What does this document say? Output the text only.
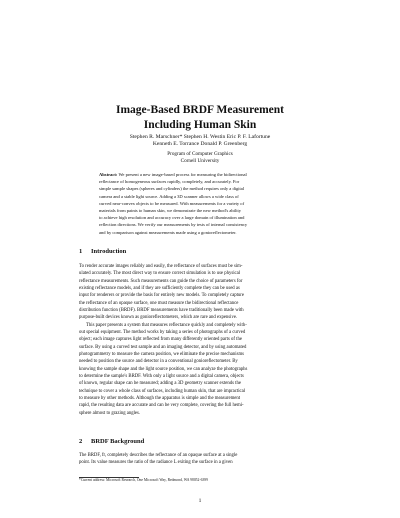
Image-Based BRDF Measurement
Including Human Skin
Stephen R. Marschner* Stephen H. Westin Eric P. F. Lafortune
Kenneth E. Torrance Donald P. Greenberg
Program of Computer Graphics
Cornell University
Abstract: We present a new image-based process for measuring the bidirectional
reflectance of homogeneous surfaces rapidly, completely, and accurately. For
simple sample shapes (spheres and cylinders) the method requires only a digital
camera and a stable light source. Adding a 3D scanner allows a wide class of
curved near-convex objects to be measured. With measurements for a variety of
materials from paints to human skin, we demonstrate the new method's ability
to achieve high resolution and accuracy over a large domain of illumination and
reflection directions. We verify our measurements by tests of internal consistency
and by comparison against measurements made using a gonioreflectometer.
1 Introduction
To render accurate images reliably and easily, the reflectance of surfaces must be sim-
ulated accurately. The most direct way to ensure correct simulation is to use physical
reflectance measurements. Such measurements can guide the choice of parameters for
existing reflectance models, and if they are sufficiently complete they can be used as
input for renderers or provide the basis for entirely new models. To completely capture
the reflectance of an opaque surface, one must measure the bidirectional reflectance
distribution function (BRDF). BRDF measurements have traditionally been made with
purpose-built devices known as gonioreflectometers, which are rare and expensive.
This paper presents a system that measures reflectance quickly and completely with-
out special equipment. The method works by taking a series of photographs of a curved
object; each image captures light reflected from many differently oriented parts of the
surface. By using a curved test sample and an imaging detector, and by using automated
photogrammetry to measure the camera position, we eliminate the precise mechanisms
needed to position the source and detector in a conventional gonioreflectometer. By
knowing the sample shape and the light source position, we can analyze the photographs
to determine the sample's BRDF. With only a light source and a digital camera, objects
of known, regular shape can be measured; adding a 3D geometry scanner extends the
technique to cover a whole class of surfaces, including human skin, that are impractical
to measure by other methods. Although the apparatus is simple and the measurement
rapid, the resulting data are accurate and can be very complete, covering the full hemi-
sphere almost to grazing angles.
2 BRDF Background
The BRDF, fr, completely describes the reflectance of an opaque surface at a single
point. Its value measures the ratio of the radiance L exiting the surface in a given
*Current address: Microsoft Research, One Microsoft Way, Redmond, WA 98052-6399
1
